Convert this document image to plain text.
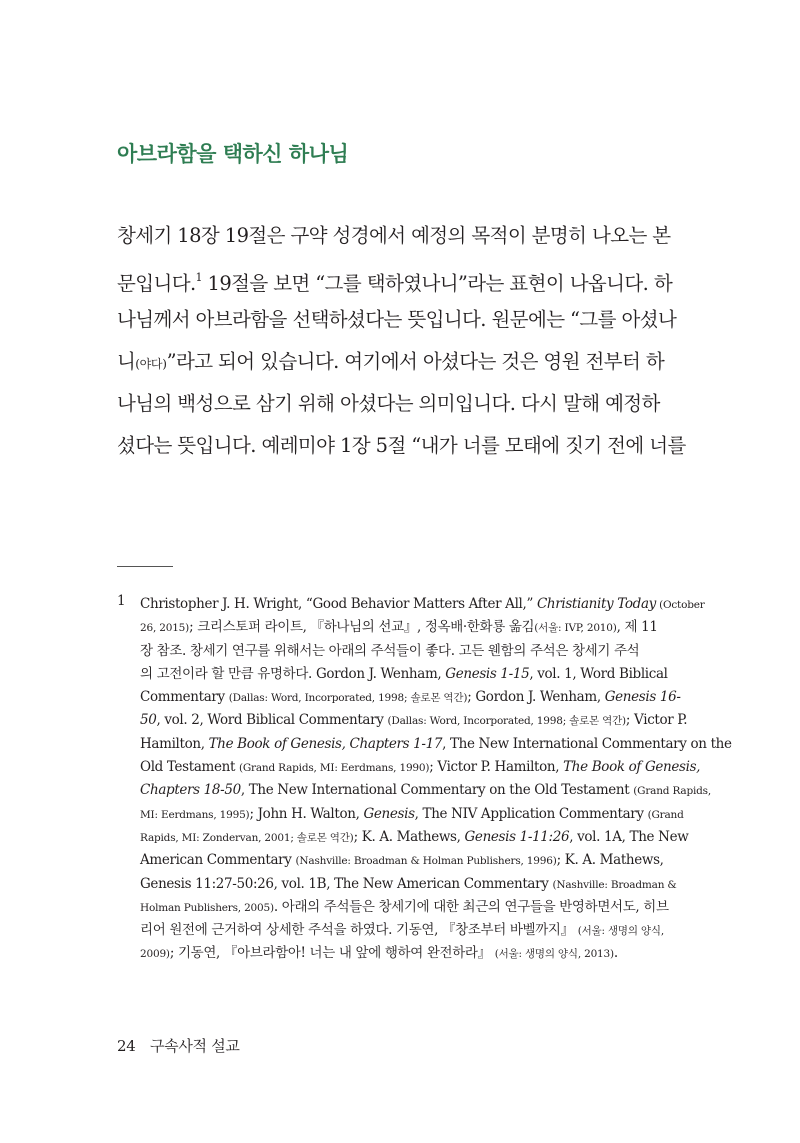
아브라함을 택하신 하나님
창세기 18장 19절은 구약 성경에서 예정의 목적이 분명히 나오는 본
문입니다.$^1$ 19절을 보면 “그를 택하였나니”라는 표현이 나옵니다. 하
나님께서 아브라함을 선택하셨다는 뜻입니다. 원문에는 “그를 아셨나
니(야다)”라고 되어 있습니다. 여기에서 아셨다는 것은 영원 전부터 하
나님의 백성으로 삼기 위해 아셨다는 의미입니다. 다시 말해 예정하
셨다는 뜻입니다. 예레미야 1장 5절 “내가 너를 모태에 짓기 전에 너를
1 Christopher J. H. Wright, “Good Behavior Matters After All,” Christianity Today (October
26, 2015); 크리스토퍼 라이트, 『하나님의 선교』, 정옥배·한화룡 옮김(서울: IVP, 2010), 제 11
장 참조. 창세기 연구를 위해서는 아래의 주석들이 좋다. 고든 웬함의 주석은 창세기 주석
의 고전이라 할 만큼 유명하다. Gordon J. Wenham, Genesis 1-15, vol. 1, Word Biblical
Commentary (Dallas: Word, Incorporated, 1998; 솔로몬 역간); Gordon J. Wenham, Genesis 16-
50, vol. 2, Word Biblical Commentary (Dallas: Word, Incorporated, 1998; 솔로몬 역간); Victor P.
Hamilton, The Book of Genesis, Chapters 1-17, The New International Commentary on the
Old Testament (Grand Rapids, MI: Eerdmans, 1990); Victor P. Hamilton, The Book of Genesis,
Chapters 18-50, The New International Commentary on the Old Testament (Grand Rapids,
MI: Eerdmans, 1995); John H. Walton, Genesis, The NIV Application Commentary (Grand
Rapids, MI: Zondervan, 2001; 솔로몬 역간); K. A. Mathews, Genesis 1-11:26, vol. 1A, The New
American Commentary (Nashville: Broadman & Holman Publishers, 1996); K. A. Mathews,
Genesis 11:27-50:26, vol. 1B, The New American Commentary (Nashville: Broadman &
Holman Publishers, 2005). 아래의 주석들은 창세기에 대한 최근의 연구들을 반영하면서도, 히브
리어 원전에 근거하여 상세한 주석을 하였다. 기동연, 『창조부터 바벨까지』 (서울: 생명의 양식,
2009); 기동연, 『아브라함아! 너는 내 앞에 행하여 완전하라』 (서울: 생명의 양식, 2013).
24 구속사적 설교
